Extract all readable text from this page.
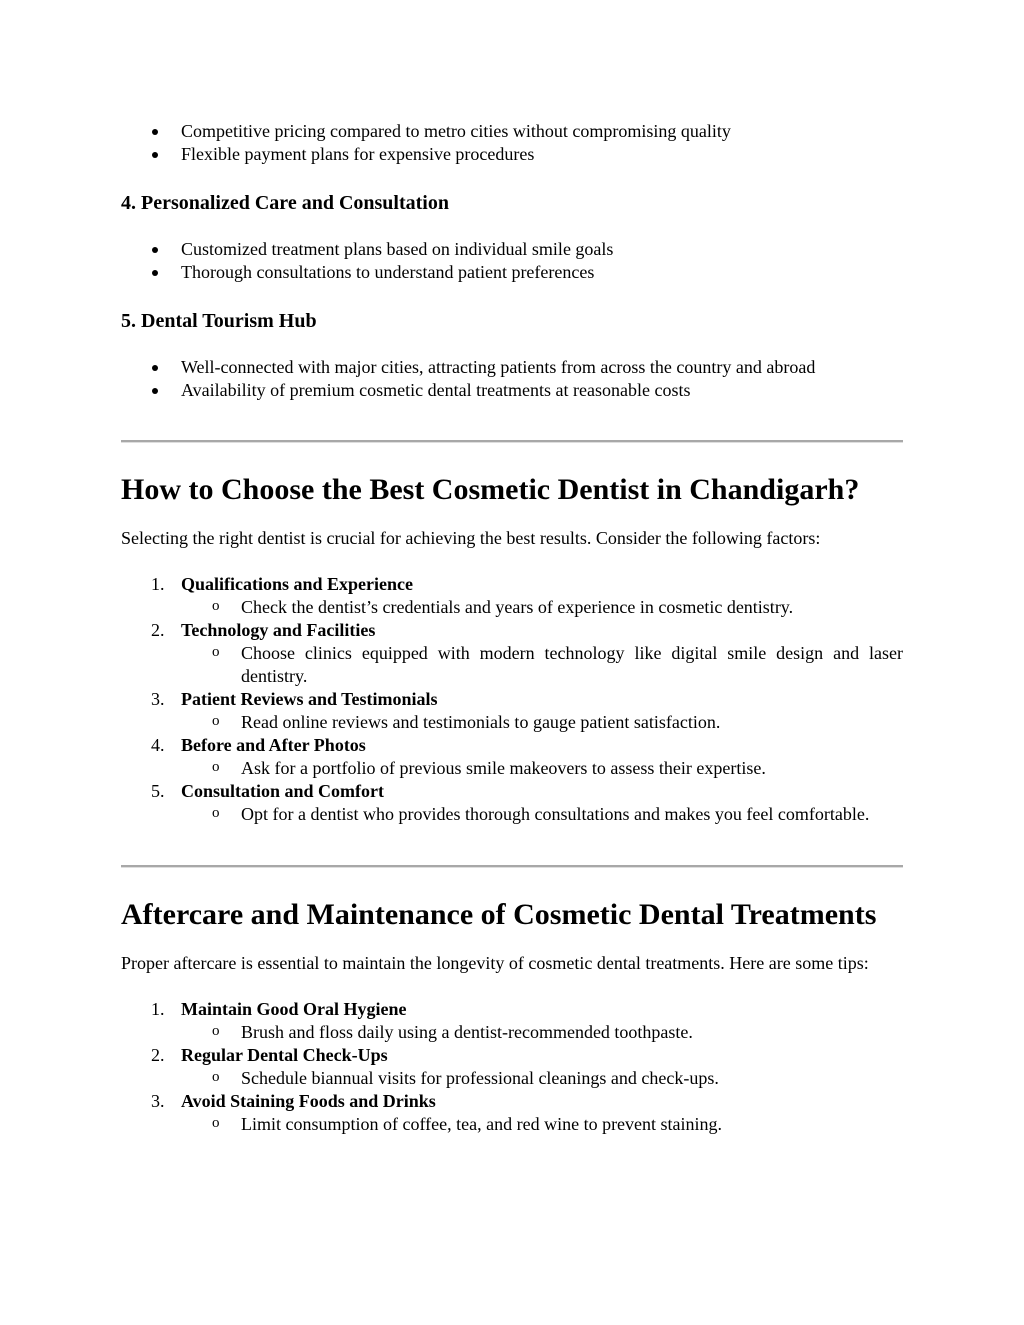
Competitive pricing compared to metro cities without compromising quality
Flexible payment plans for expensive procedures
4. Personalized Care and Consultation
Customized treatment plans based on individual smile goals
Thorough consultations to understand patient preferences
5. Dental Tourism Hub
Well-connected with major cities, attracting patients from across the country and abroad
Availability of premium cosmetic dental treatments at reasonable costs
How to Choose the Best Cosmetic Dentist in Chandigarh?

Selecting the right dentist is crucial for achieving the best results. Consider the following factors:

1. Qualifications and Experience
o Check the dentist’s credentials and years of experience in cosmetic dentistry.
2. Technology and Facilities
o Choose clinics equipped with modern technology like digital smile design and laser dentistry.
3. Patient Reviews and Testimonials
o Read online reviews and testimonials to gauge patient satisfaction.
4. Before and After Photos
o Ask for a portfolio of previous smile makeovers to assess their expertise.
5. Consultation and Comfort
o Opt for a dentist who provides thorough consultations and makes you feel comfortable.
Aftercare and Maintenance of Cosmetic Dental Treatments

Proper aftercare is essential to maintain the longevity of cosmetic dental treatments. Here are some tips:

1. Maintain Good Oral Hygiene
o Brush and floss daily using a dentist-recommended toothpaste.
2. Regular Dental Check-Ups
o Schedule biannual visits for professional cleanings and check-ups.
3. Avoid Staining Foods and Drinks
o Limit consumption of coffee, tea, and red wine to prevent staining.
